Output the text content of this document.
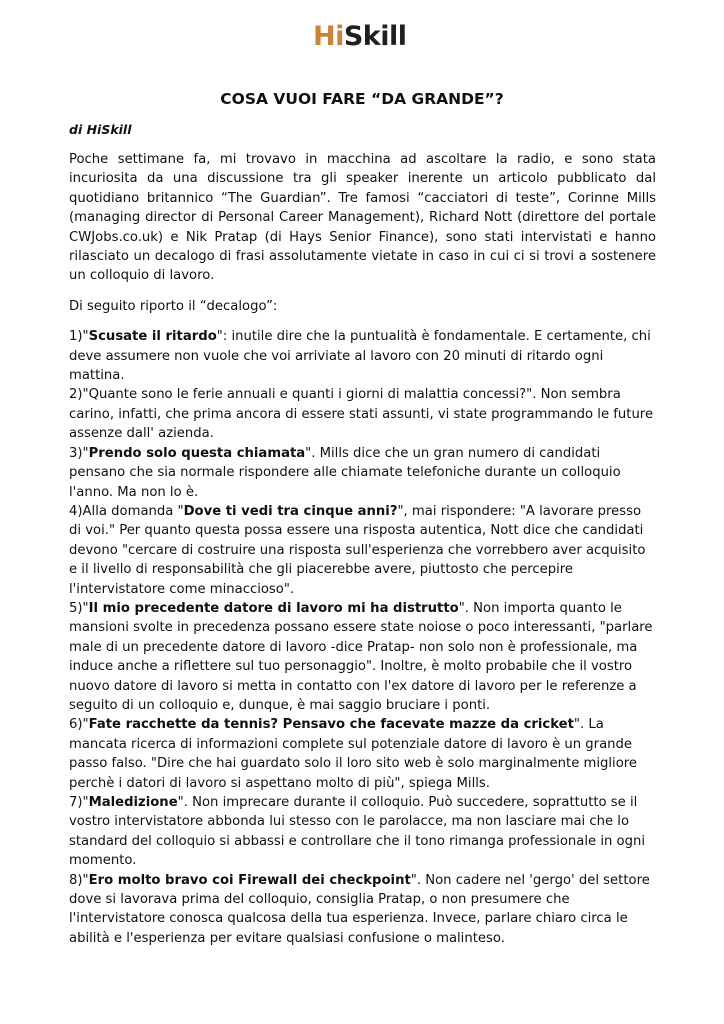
HiSkill
COSA VUOI FARE “DA GRANDE”?
di HiSkill

Poche settimane fa, mi trovavo in macchina ad ascoltare la radio, e sono stata incuriosita da una discussione tra gli speaker inerente un articolo pubblicato dal quotidiano britannico “The Guardian”. Tre famosi “cacciatori di teste”, Corinne Mills (managing director di Personal Career Management), Richard Nott (direttore del portale CWJobs.co.uk) e Nik Pratap (di Hays Senior Finance), sono stati intervistati e hanno rilasciato un decalogo di frasi assolutamente vietate in caso in cui ci si trovi a sostenere un colloquio di lavoro.

Di seguito riporto il “decalogo”:

1)"Scusate il ritardo": inutile dire che la puntualità è fondamentale. E certamente, chi deve assumere non vuole che voi arriviate al lavoro con 20 minuti di ritardo ogni mattina.

2)"Quante sono le ferie annuali e quanti i giorni di malattia concessi?". Non sembra carino, infatti, che prima ancora di essere stati assunti, vi state programmando le future assenze dall' azienda.

3)"Prendo solo questa chiamata". Mills dice che un gran numero di candidati pensano che sia normale rispondere alle chiamate telefoniche durante un colloquio l'anno. Ma non lo è.

4)Alla domanda "Dove ti vedi tra cinque anni?", mai rispondere: "A lavorare presso di voi." Per quanto questa possa essere una risposta autentica, Nott dice che candidati devono "cercare di costruire una risposta sull'esperienza che vorrebbero aver acquisito e il livello di responsabilità che gli piacerebbe avere, piuttosto che percepire l'intervistatore come minaccioso".

5)"Il mio precedente datore di lavoro mi ha distrutto". Non importa quanto le mansioni svolte in precedenza possano essere state noiose o poco interessanti, "parlare male di un precedente datore di lavoro -dice Pratap- non solo non è professionale, ma induce anche a riflettere sul tuo personaggio". Inoltre, è molto probabile che il vostro nuovo datore di lavoro si metta in contatto con l'ex datore di lavoro per le referenze a seguito di un colloquio e, dunque, è mai saggio bruciare i ponti.

6)"Fate racchette da tennis? Pensavo che facevate mazze da cricket". La mancata ricerca di informazioni complete sul potenziale datore di lavoro è un grande passo falso. "Dire che hai guardato solo il loro sito web è solo marginalmente migliore perchè i datori di lavoro si aspettano molto di più", spiega Mills.

7)"Maledizione". Non imprecare durante il colloquio. Può succedere, soprattutto se il vostro intervistatore abbonda lui stesso con le parolacce, ma non lasciare mai che lo standard del colloquio si abbassi e controllare che il tono rimanga professionale in ogni momento.

8)"Ero molto bravo coi Firewall dei checkpoint". Non cadere nel 'gergo' del settore dove si lavorava prima del colloquio, consiglia Pratap, o non presumere che l'intervistatore conosca qualcosa della tua esperienza. Invece, parlare chiaro circa le abilità e l'esperienza per evitare qualsiasi confusione o malinteso.
